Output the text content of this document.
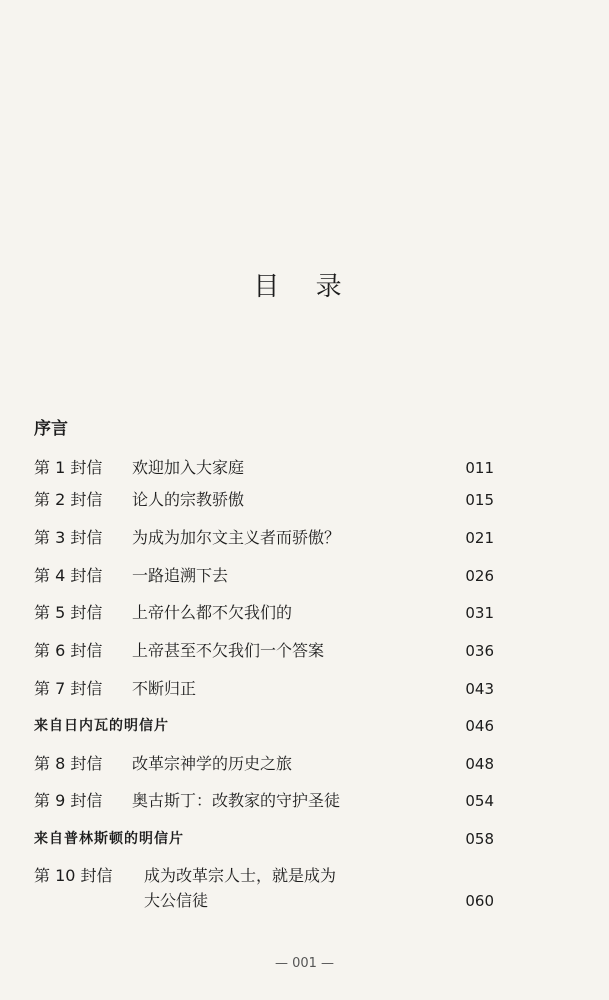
目 录
序言
第 1 封信 欢迎加入大家庭	011
第 2 封信 论人的宗教骄傲	015
第 3 封信 为成为加尔文主义者而骄傲？	021
第 4 封信 一路追溯下去	026
第 5 封信 上帝什么都不欠我们的	031
第 6 封信 上帝甚至不欠我们一个答案	036
第 7 封信 不断归正	043
来自日内瓦的明信片	046
第 8 封信 改革宗神学的历史之旅	048
第 9 封信 奥古斯丁：改教家的守护圣徒	054
来自普林斯顿的明信片	058
第 10 封信 成为改革宗人士，就是成为
大公信徒	060
— 001 —
